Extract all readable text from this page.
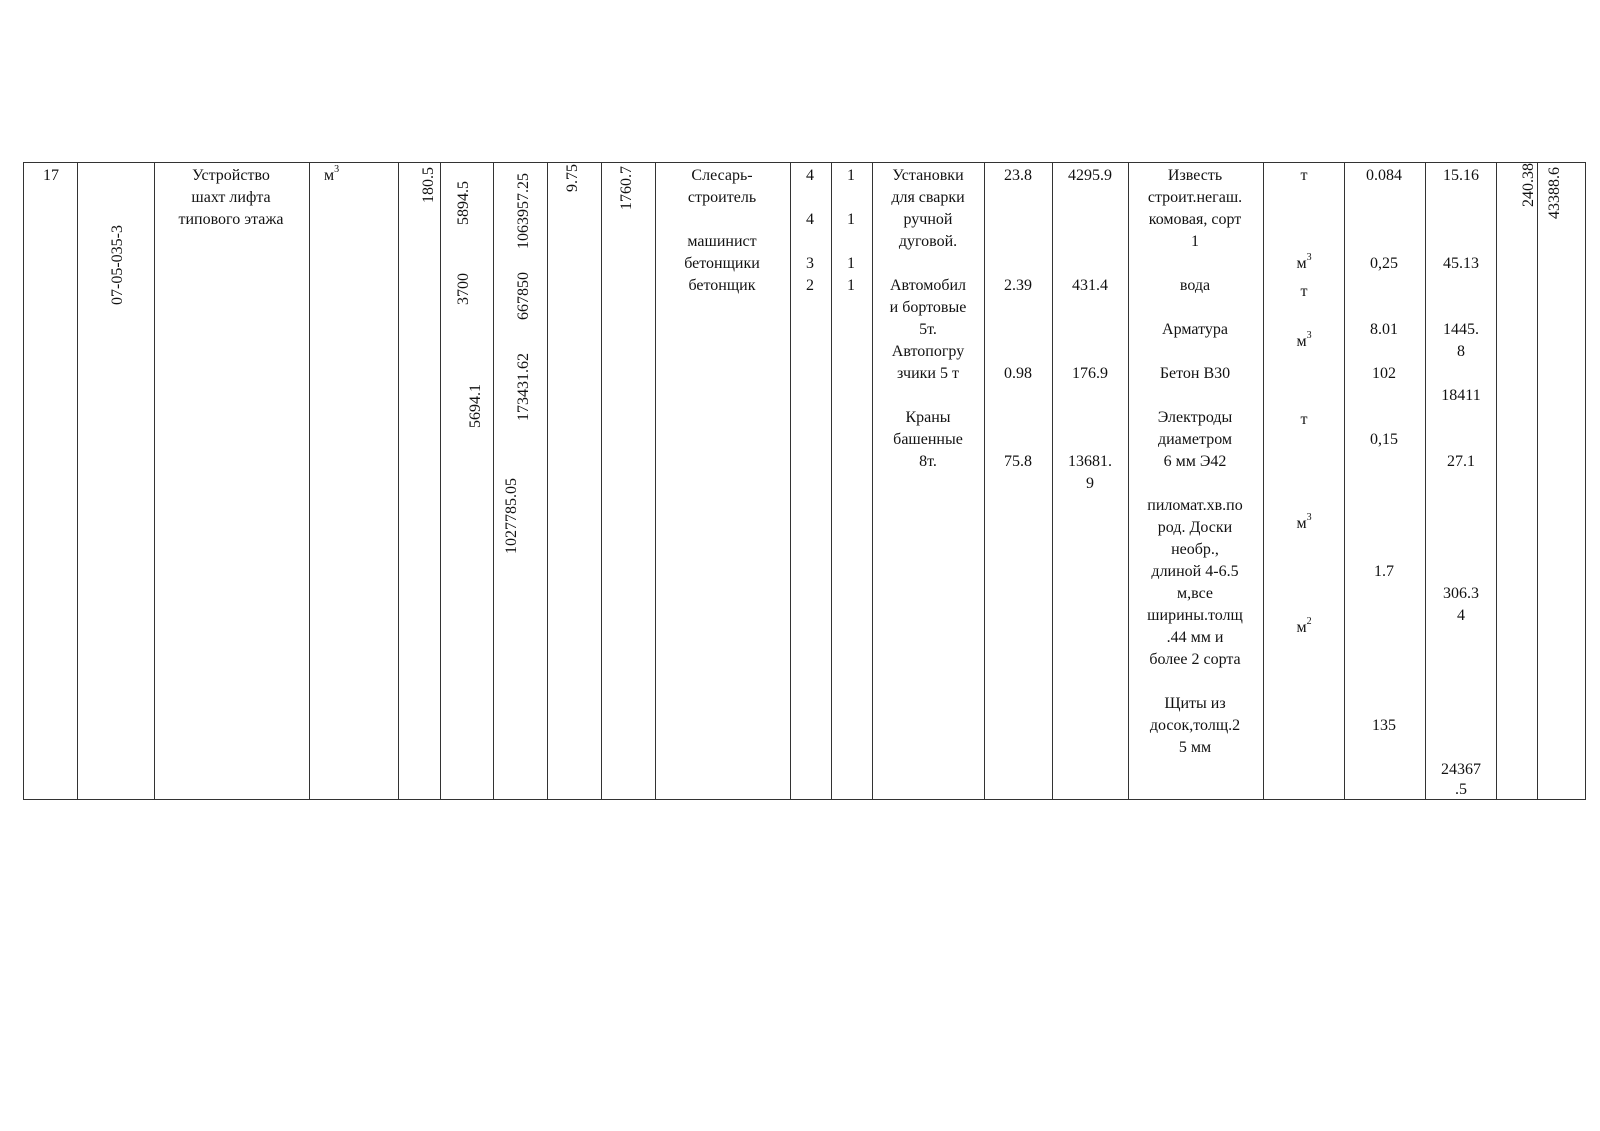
17
07-05-035-3
Устройство
шахт лифта
типового этажа
$м^3$	180.5 5894.5
3700
5694.1
1063957.25
667850
173431.62
1027785.05
9.75 1760.7	Слесарь-
строитель
машинист
бетонщики
бетонщик
4
4
3
2
1
1
1
1
Установки
для сварки
ручной
дуговой.
Автомобил
и бортовые
5т.
Автопогру
зчики 5 т
Краны
башенные
8т.
23.8
2.39
0.98
75.8
4295.9
431.4
176.9
13681.
9
Известь
строит.негаш.
комовая, сорт
1
вода
Арматура
Бетон В30
Электроды
диаметром
6 мм Э42
пиломат.хв.по
род. Доски
необр.,
длиной 4-6.5
м,все
ширины.толщ
.44 мм и
более 2 сорта
Щиты из
досок,толщ.2
5 мм
т
$м^3$
т
$м^3$
т
$м^3$
$м^2$
0.084
0,25
8.01
102
0,15
1.7
135
15.16
45.13
1445.
8
18411
27.1
306.3
4
24367
.5
240.38 43388.6
